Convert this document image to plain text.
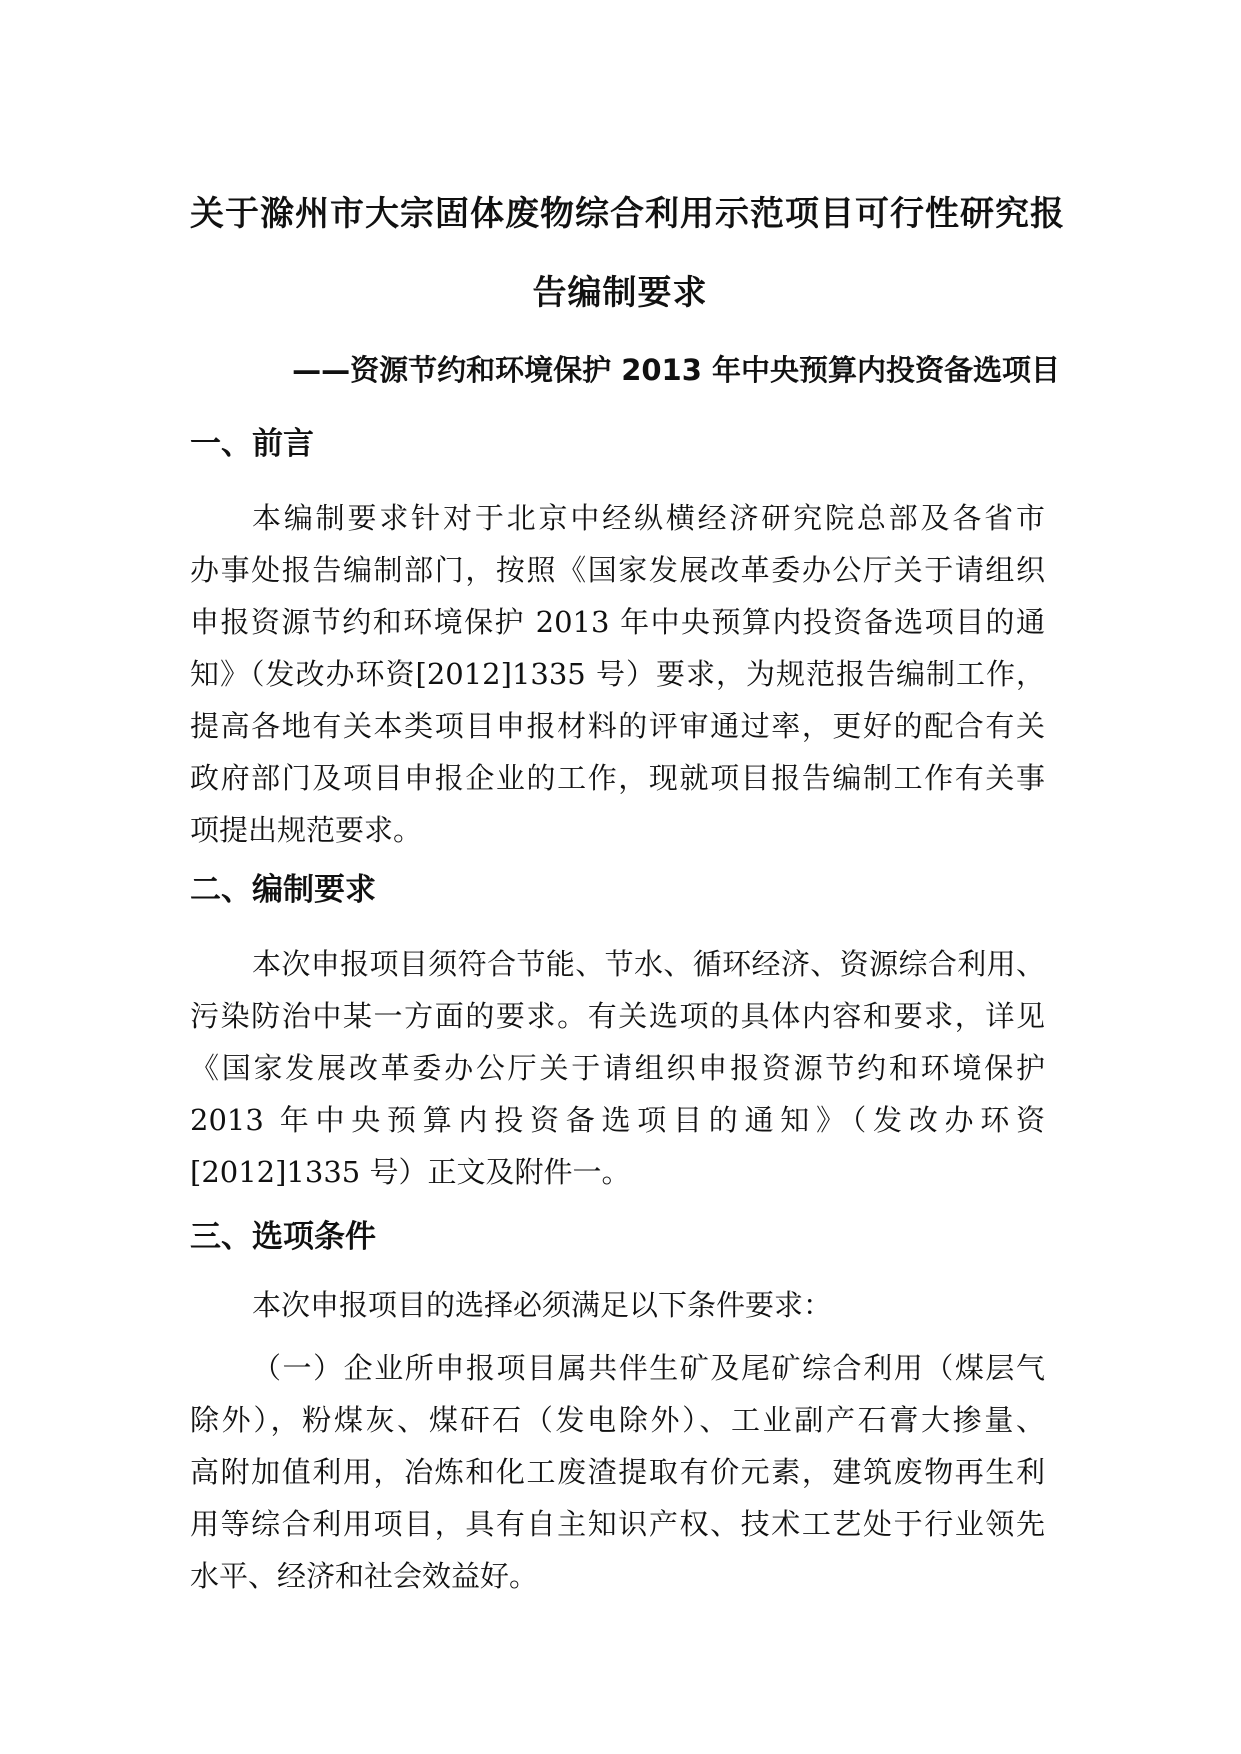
关于滁州市大宗固体废物综合利用示范项目可行性研究报
告编制要求
——资源节约和环境保护 2013 年中央预算内投资备选项目
一、前言
本编制要求针对于北京中经纵横经济研究院总部及各省市
办事处报告编制部门，按照《国家发展改革委办公厅关于请组织
申报资源节约和环境保护 2013 年中央预算内投资备选项目的通
知》（发改办环资[2012]1335 号）要求，为规范报告编制工作，
提高各地有关本类项目申报材料的评审通过率，更好的配合有关
政府部门及项目申报企业的工作，现就项目报告编制工作有关事
项提出规范要求。
二、编制要求
本次申报项目须符合节能、节水、循环经济、资源综合利用、
污染防治中某一方面的要求。有关选项的具体内容和要求，详见
《国家发展改革委办公厅关于请组织申报资源节约和环境保护
2013 年中央预算内投资备选项目的通知》（发改办环资
[2012]1335 号）正文及附件一。
三、选项条件
本次申报项目的选择必须满足以下条件要求：
（一）企业所申报项目属共伴生矿及尾矿综合利用（煤层气
除外），粉煤灰、煤矸石（发电除外）、工业副产石膏大掺量、
高附加值利用，冶炼和化工废渣提取有价元素，建筑废物再生利
用等综合利用项目，具有自主知识产权、技术工艺处于行业领先
水平、经济和社会效益好。
